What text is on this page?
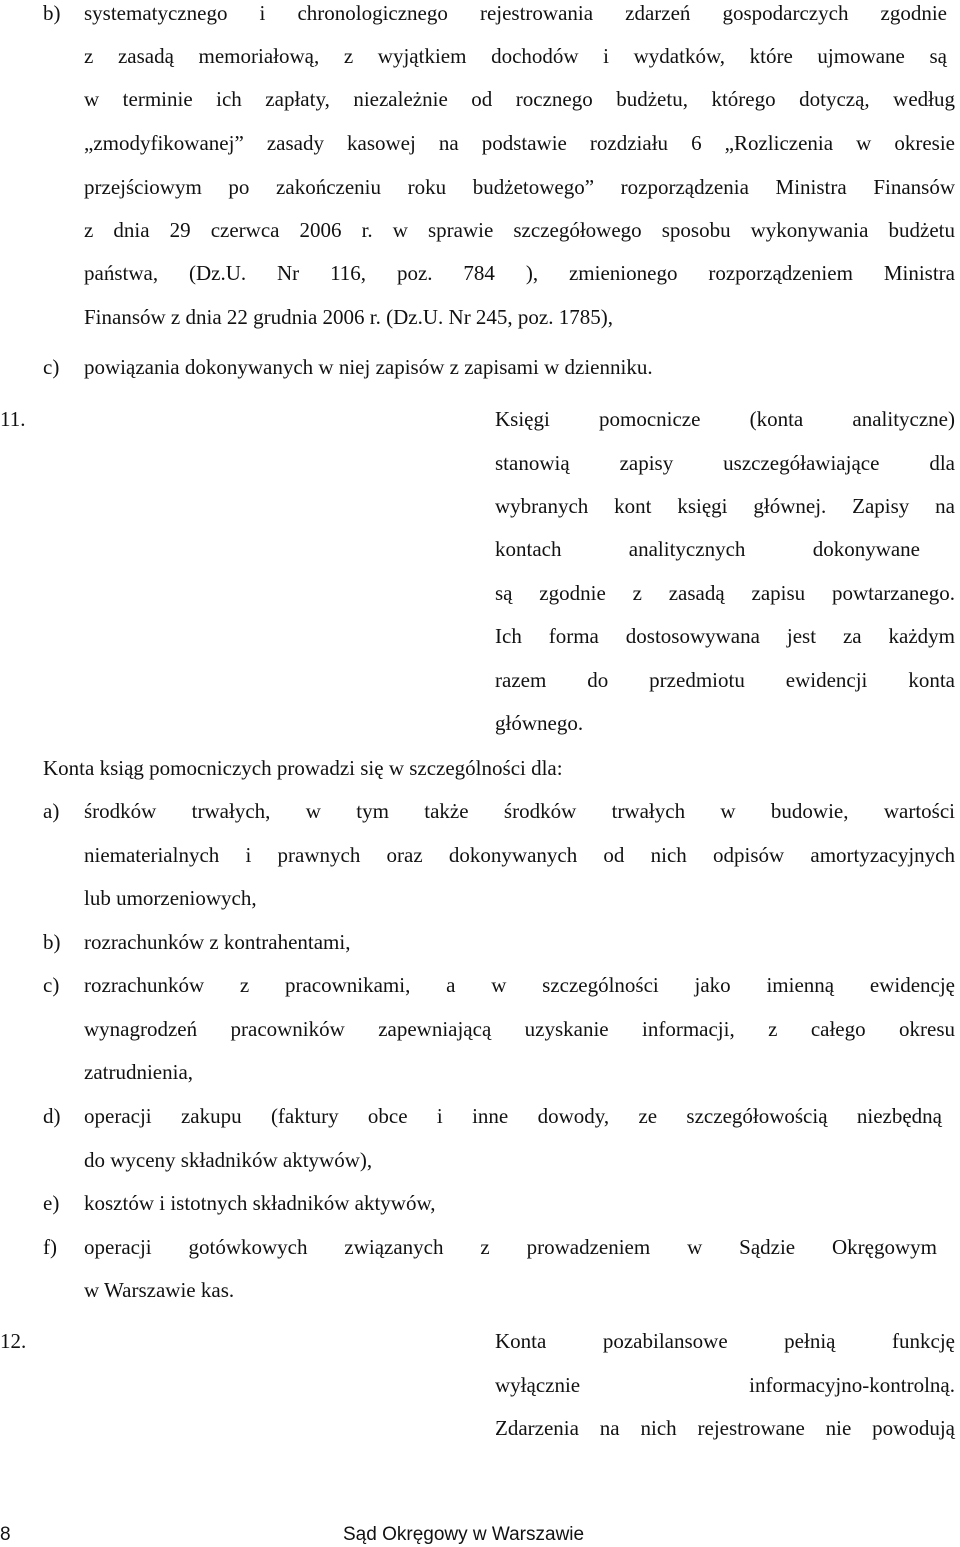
b) systematycznego i chronologicznego rejestrowania zdarzeń gospodarczych zgodnie
z zasadą memoriałową, z wyjątkiem dochodów i wydatków, które ujmowane są
w terminie ich zapłaty, niezależnie od rocznego budżetu, którego dotyczą, według
„zmodyfikowanej” zasady kasowej na podstawie rozdziału 6 „Rozliczenia w okresie
przejściowym po zakończeniu roku budżetowego” rozporządzenia Ministra Finansów
z dnia 29 czerwca 2006 r. w sprawie szczegółowego sposobu wykonywania budżetu
państwa, (Dz.U. Nr 116, poz. 784 ), zmienionego rozporządzeniem Ministra
Finansów z dnia 22 grudnia 2006 r. (Dz.U. Nr 245, poz. 1785),
c) powiązania dokonywanych w niej zapisów z zapisami w dzienniku.
11.	Księgi pomocnicze (konta analityczne)
stanowią zapisy uszczegóławiające dla
wybranych kont księgi głównej. Zapisy na
kontach analitycznych dokonywane
są zgodnie z zasadą zapisu powtarzanego.
Ich forma dostosowywana jest za każdym
razem do przedmiotu ewidencji konta
głównego.
Konta ksiąg pomocniczych prowadzi się w szczególności dla:
a) środków trwałych, w tym także środków trwałych w budowie, wartości
niematerialnych i prawnych oraz dokonywanych od nich odpisów amortyzacyjnych
lub umorzeniowych,
b) rozrachunków z kontrahentami,
c) rozrachunków z pracownikami, a w szczególności jako imienną ewidencję
wynagrodzeń pracowników zapewniającą uzyskanie informacji, z całego okresu
zatrudnienia,
d) operacji zakupu (faktury obce i inne dowody, ze szczegółowością niezbędną
do wyceny składników aktywów),
e) kosztów i istotnych składników aktywów,
f) operacji gotówkowych związanych z prowadzeniem w Sądzie Okręgowym
w Warszawie kas.
12.	Konta pozabilansowe pełnią funkcję
wyłącznie informacyjno-kontrolną.
Zdarzenia na nich rejestrowane nie powodują
8	Sąd Okręgowy w Warszawie
